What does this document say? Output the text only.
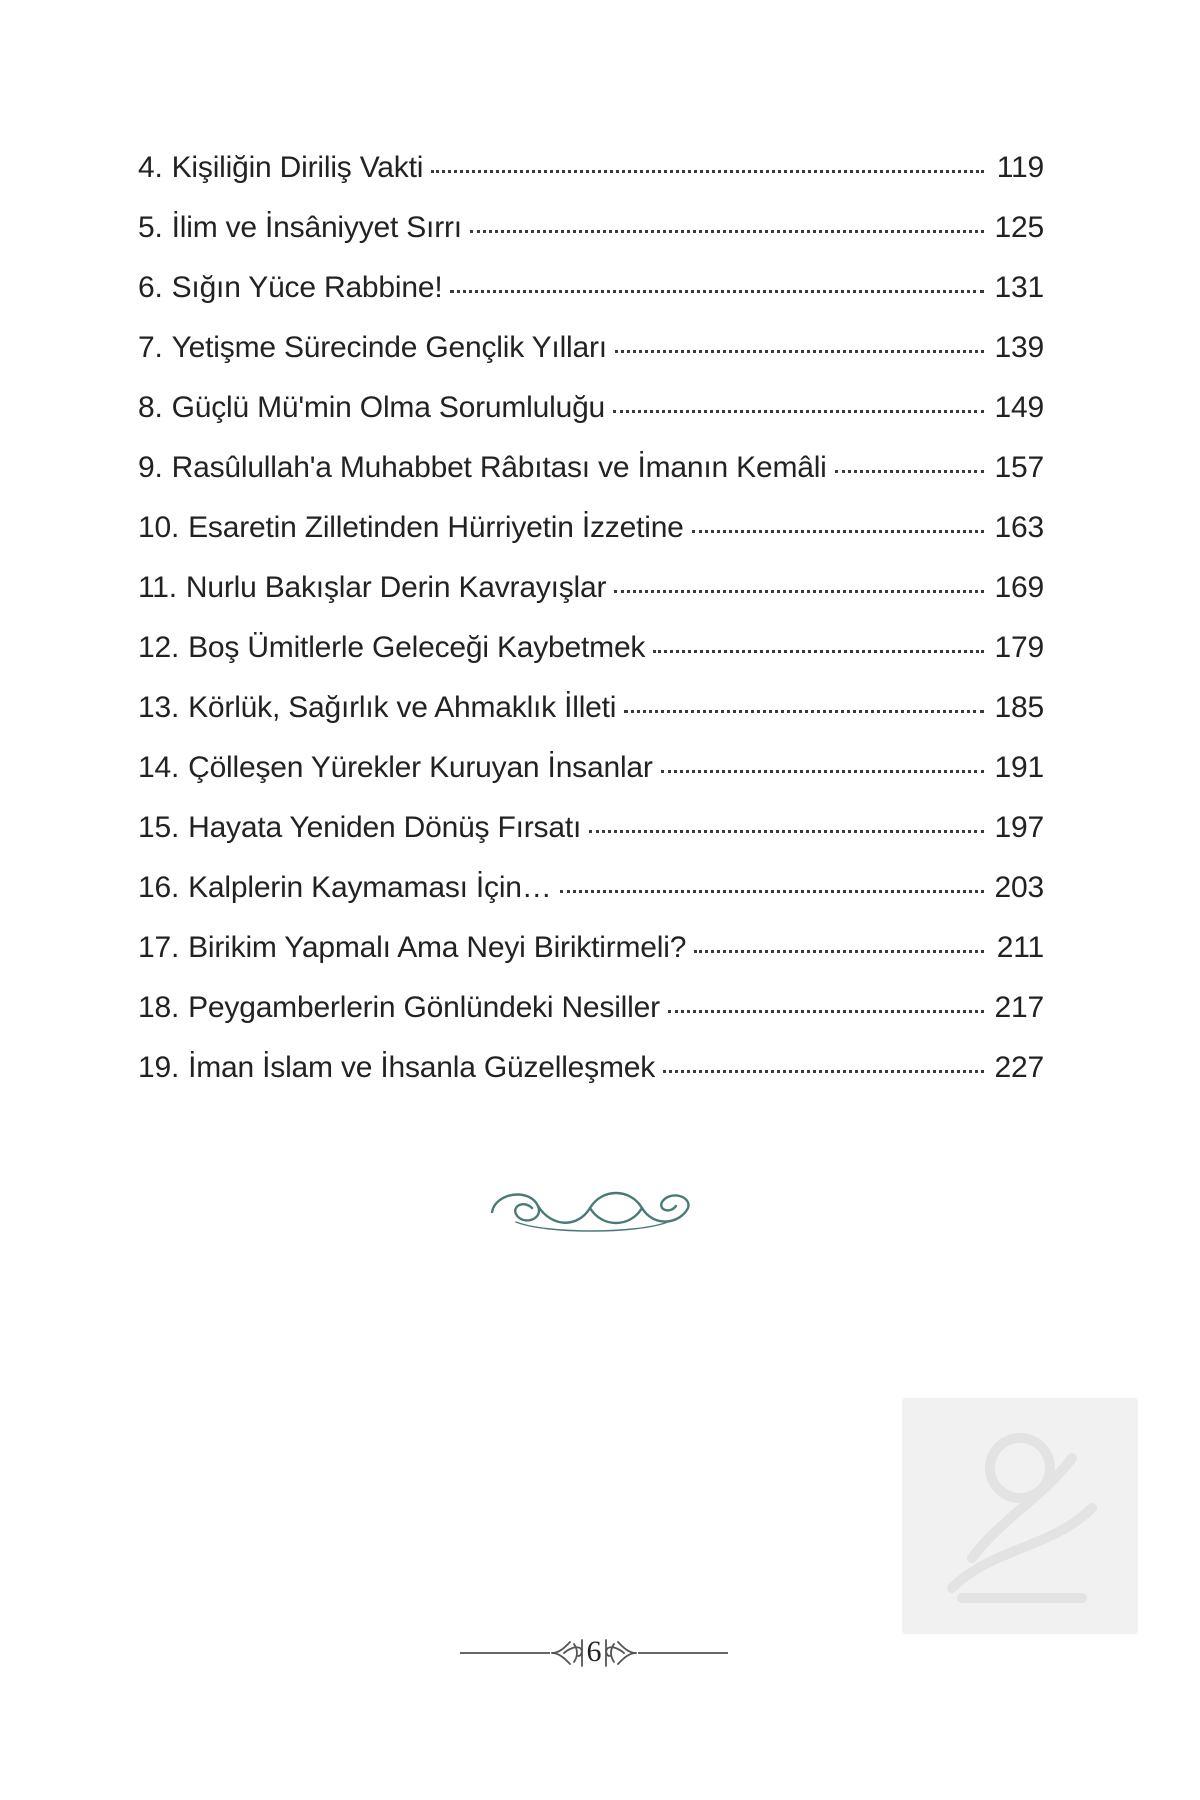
4. Kişiliğin Diriliş Vakti	119
5. İlim ve İnsâniyyet Sırrı	125
6. Sığın Yüce Rabbine!	131
7. Yetişme Sürecinde Gençlik Yılları	139
8. Güçlü Mü'min Olma Sorumluluğu	149
9. Rasûlullah'a Muhabbet Râbıtası ve İmanın Kemâli	157
10. Esaretin Zilletinden Hürriyetin İzzetine	163
11. Nurlu Bakışlar Derin Kavrayışlar	169
12. Boş Ümitlerle Geleceği Kaybetmek	179
13. Körlük, Sağırlık ve Ahmaklık İlleti	185
14. Çölleşen Yürekler Kuruyan İnsanlar	191
15. Hayata Yeniden Dönüş Fırsatı	197
16. Kalplerin Kaymaması İçin…	203
17. Birikim Yapmalı Ama Neyi Biriktirmeli?	211
18. Peygamberlerin Gönlündeki Nesiller	217
19. İman İslam ve İhsanla Güzelleşmek	227
6
